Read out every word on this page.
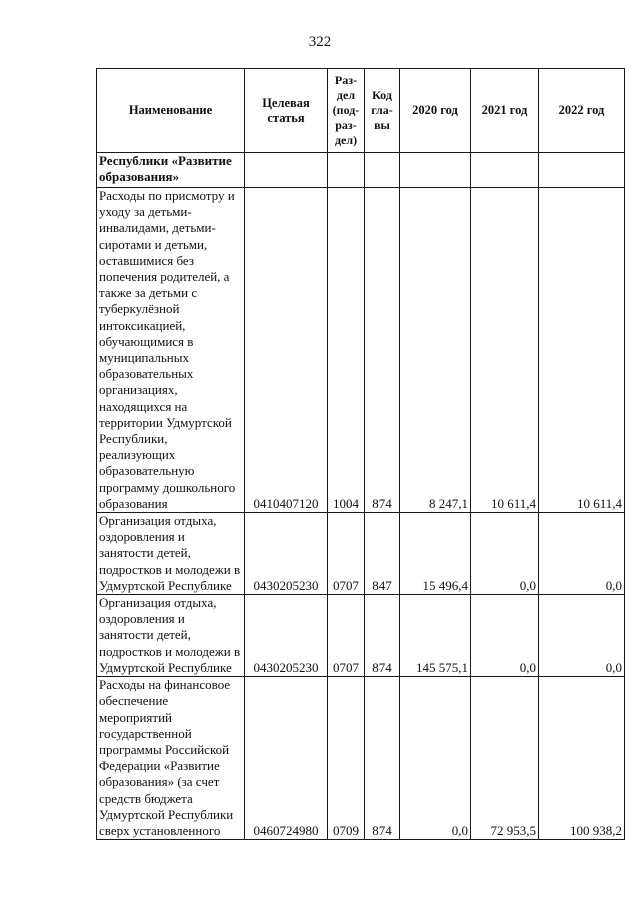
322
Наименование	Целевая статья	Раз-дел (под-раз-дел)	Код гла-вы	2020 год	2021 год	2022 год
Республики «Развитие образования»						
Расходы по присмотру и уходу за детьми-инвалидами, детьми-сиротами и детьми, оставшимися без попечения родителей, а также за детьми с туберкулёзной интоксикацией, обучающимися в муниципальных образовательных организациях, находящихся на территории Удмуртской Республики, реализующих образовательную программу дошкольного образования	0410407120	1004	874	8 247,1	10 611,4	10 611,4
Организация отдыха, оздоровления и занятости детей, подростков и молодежи в Удмуртской Республике	0430205230	0707	847	15 496,4	0,0	0,0
Организация отдыха, оздоровления и занятости детей, подростков и молодежи в Удмуртской Республике	0430205230	0707	874	145 575,1	0,0	0,0
Расходы на финансовое обеспечение мероприятий государственной программы Российской Федерации «Развитие образования» (за счет средств бюджета Удмуртской Республики сверх установленного	0460724980	0709	874	0,0	72 953,5	100 938,2
